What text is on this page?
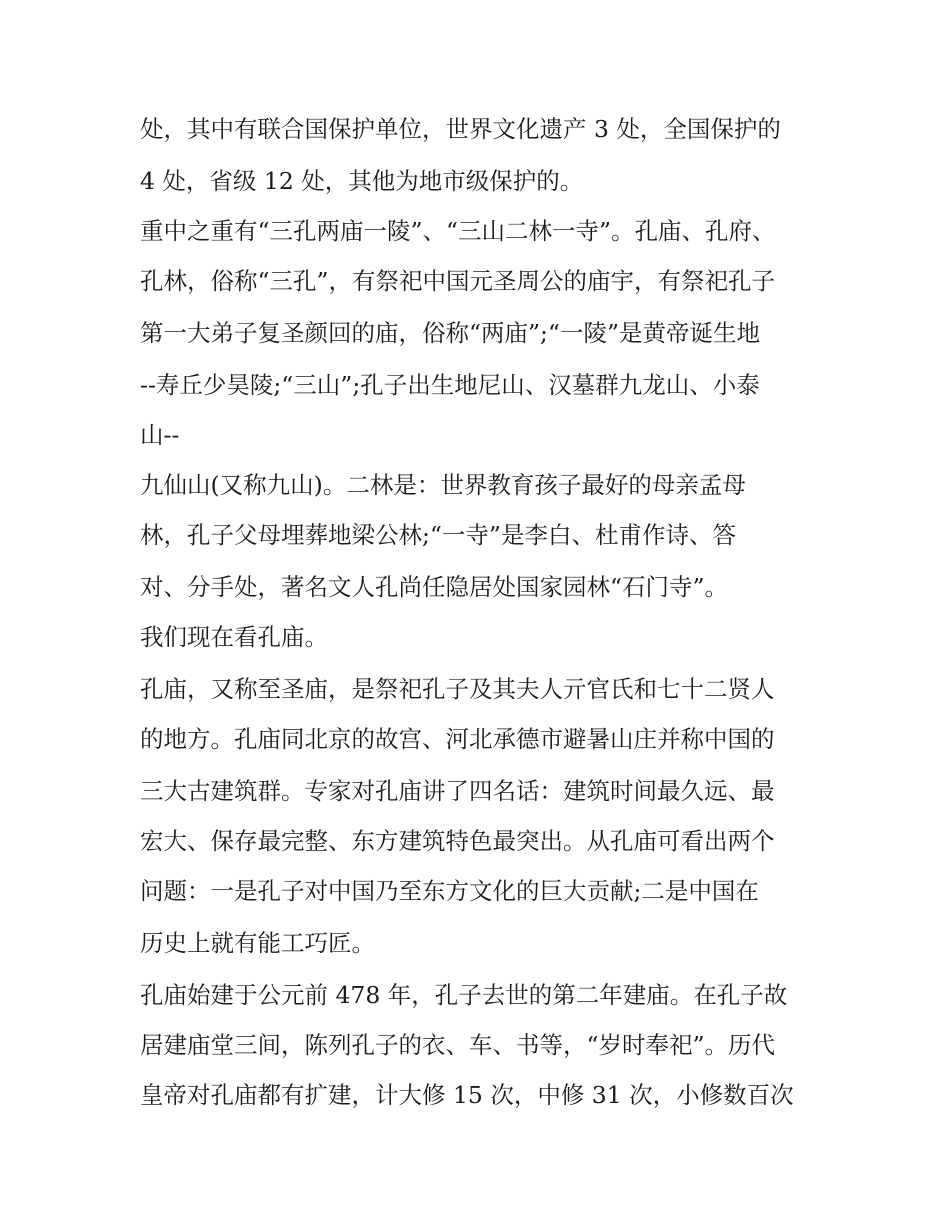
处，其中有联合国保护单位，世界文化遗产 3 处，全国保护的
4 处，省级 12 处，其他为地市级保护的。
重中之重有“三孔两庙一陵”、“三山二林一寺”。孔庙、孔府、
孔林，俗称“三孔”，有祭祀中国元圣周公的庙宇，有祭祀孔子
第一大弟子复圣颜回的庙，俗称“两庙”;“一陵”是黄帝诞生地
--寿丘少昊陵;“三山”;孔子出生地尼山、汉墓群九龙山、小泰
山--
九仙山(又称九山)。二林是：世界教育孩子最好的母亲孟母
林，孔子父母埋葬地梁公林;“一寺”是李白、杜甫作诗、答
对、分手处，著名文人孔尚任隐居处国家园林“石门寺”。
我们现在看孔庙。
孔庙，又称至圣庙，是祭祀孔子及其夫人亓官氏和七十二贤人
的地方。孔庙同北京的故宫、河北承德市避暑山庄并称中国的
三大古建筑群。专家对孔庙讲了四名话：建筑时间最久远、最
宏大、保存最完整、东方建筑特色最突出。从孔庙可看出两个
问题：一是孔子对中国乃至东方文化的巨大贡献;二是中国在
历史上就有能工巧匠。
孔庙始建于公元前 478 年，孔子去世的第二年建庙。在孔子故
居建庙堂三间，陈列孔子的衣、车、书等，“岁时奉祀”。历代
皇帝对孔庙都有扩建，计大修 15 次，中修 31 次，小修数百次
